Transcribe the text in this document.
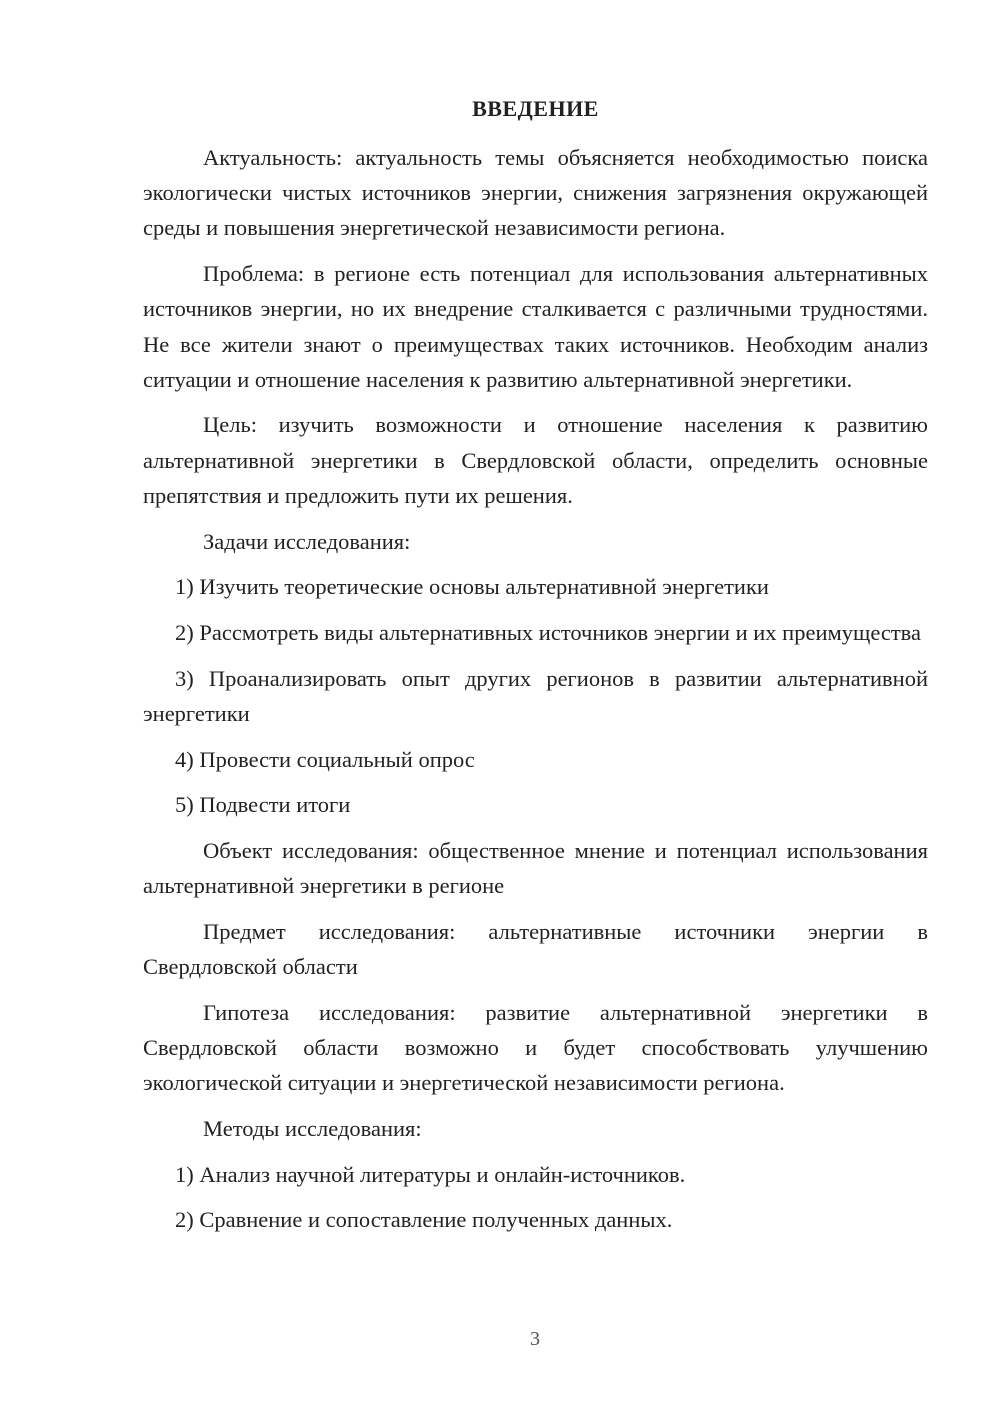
ВВЕДЕНИЕ

Актуальность: актуальность темы объясняется необходимостью поиска экологически чистых источников энергии, снижения загрязнения окружающей среды и повышения энергетической независимости региона.

Проблема: в регионе есть потенциал для использования альтернативных источников энергии, но их внедрение сталкивается с различными трудностями. Не все жители знают о преимуществах таких источников. Необходим анализ ситуации и отношение населения к развитию альтернативной энергетики.

Цель: изучить возможности и отношение населения к развитию альтернативной энергетики в Свердловской области, определить основные препятствия и предложить пути их решения.

Задачи исследования:

1) Изучить теоретические основы альтернативной энергетики

2) Рассмотреть виды альтернативных источников энергии и их преимущества

3) Проанализировать опыт других регионов в развитии альтернативной энергетики

4) Провести социальный опрос

5) Подвести итоги

Объект исследования: общественное мнение и потенциал использования альтернативной энергетики в регионе

Предмет исследования: альтернативные источники энергии в Свердловской области

Гипотеза исследования: развитие альтернативной энергетики в Свердловской области возможно и будет способствовать улучшению экологической ситуации и энергетической независимости региона.

Методы исследования:

1) Анализ научной литературы и онлайн-источников.

2) Сравнение и сопоставление полученных данных.

3
